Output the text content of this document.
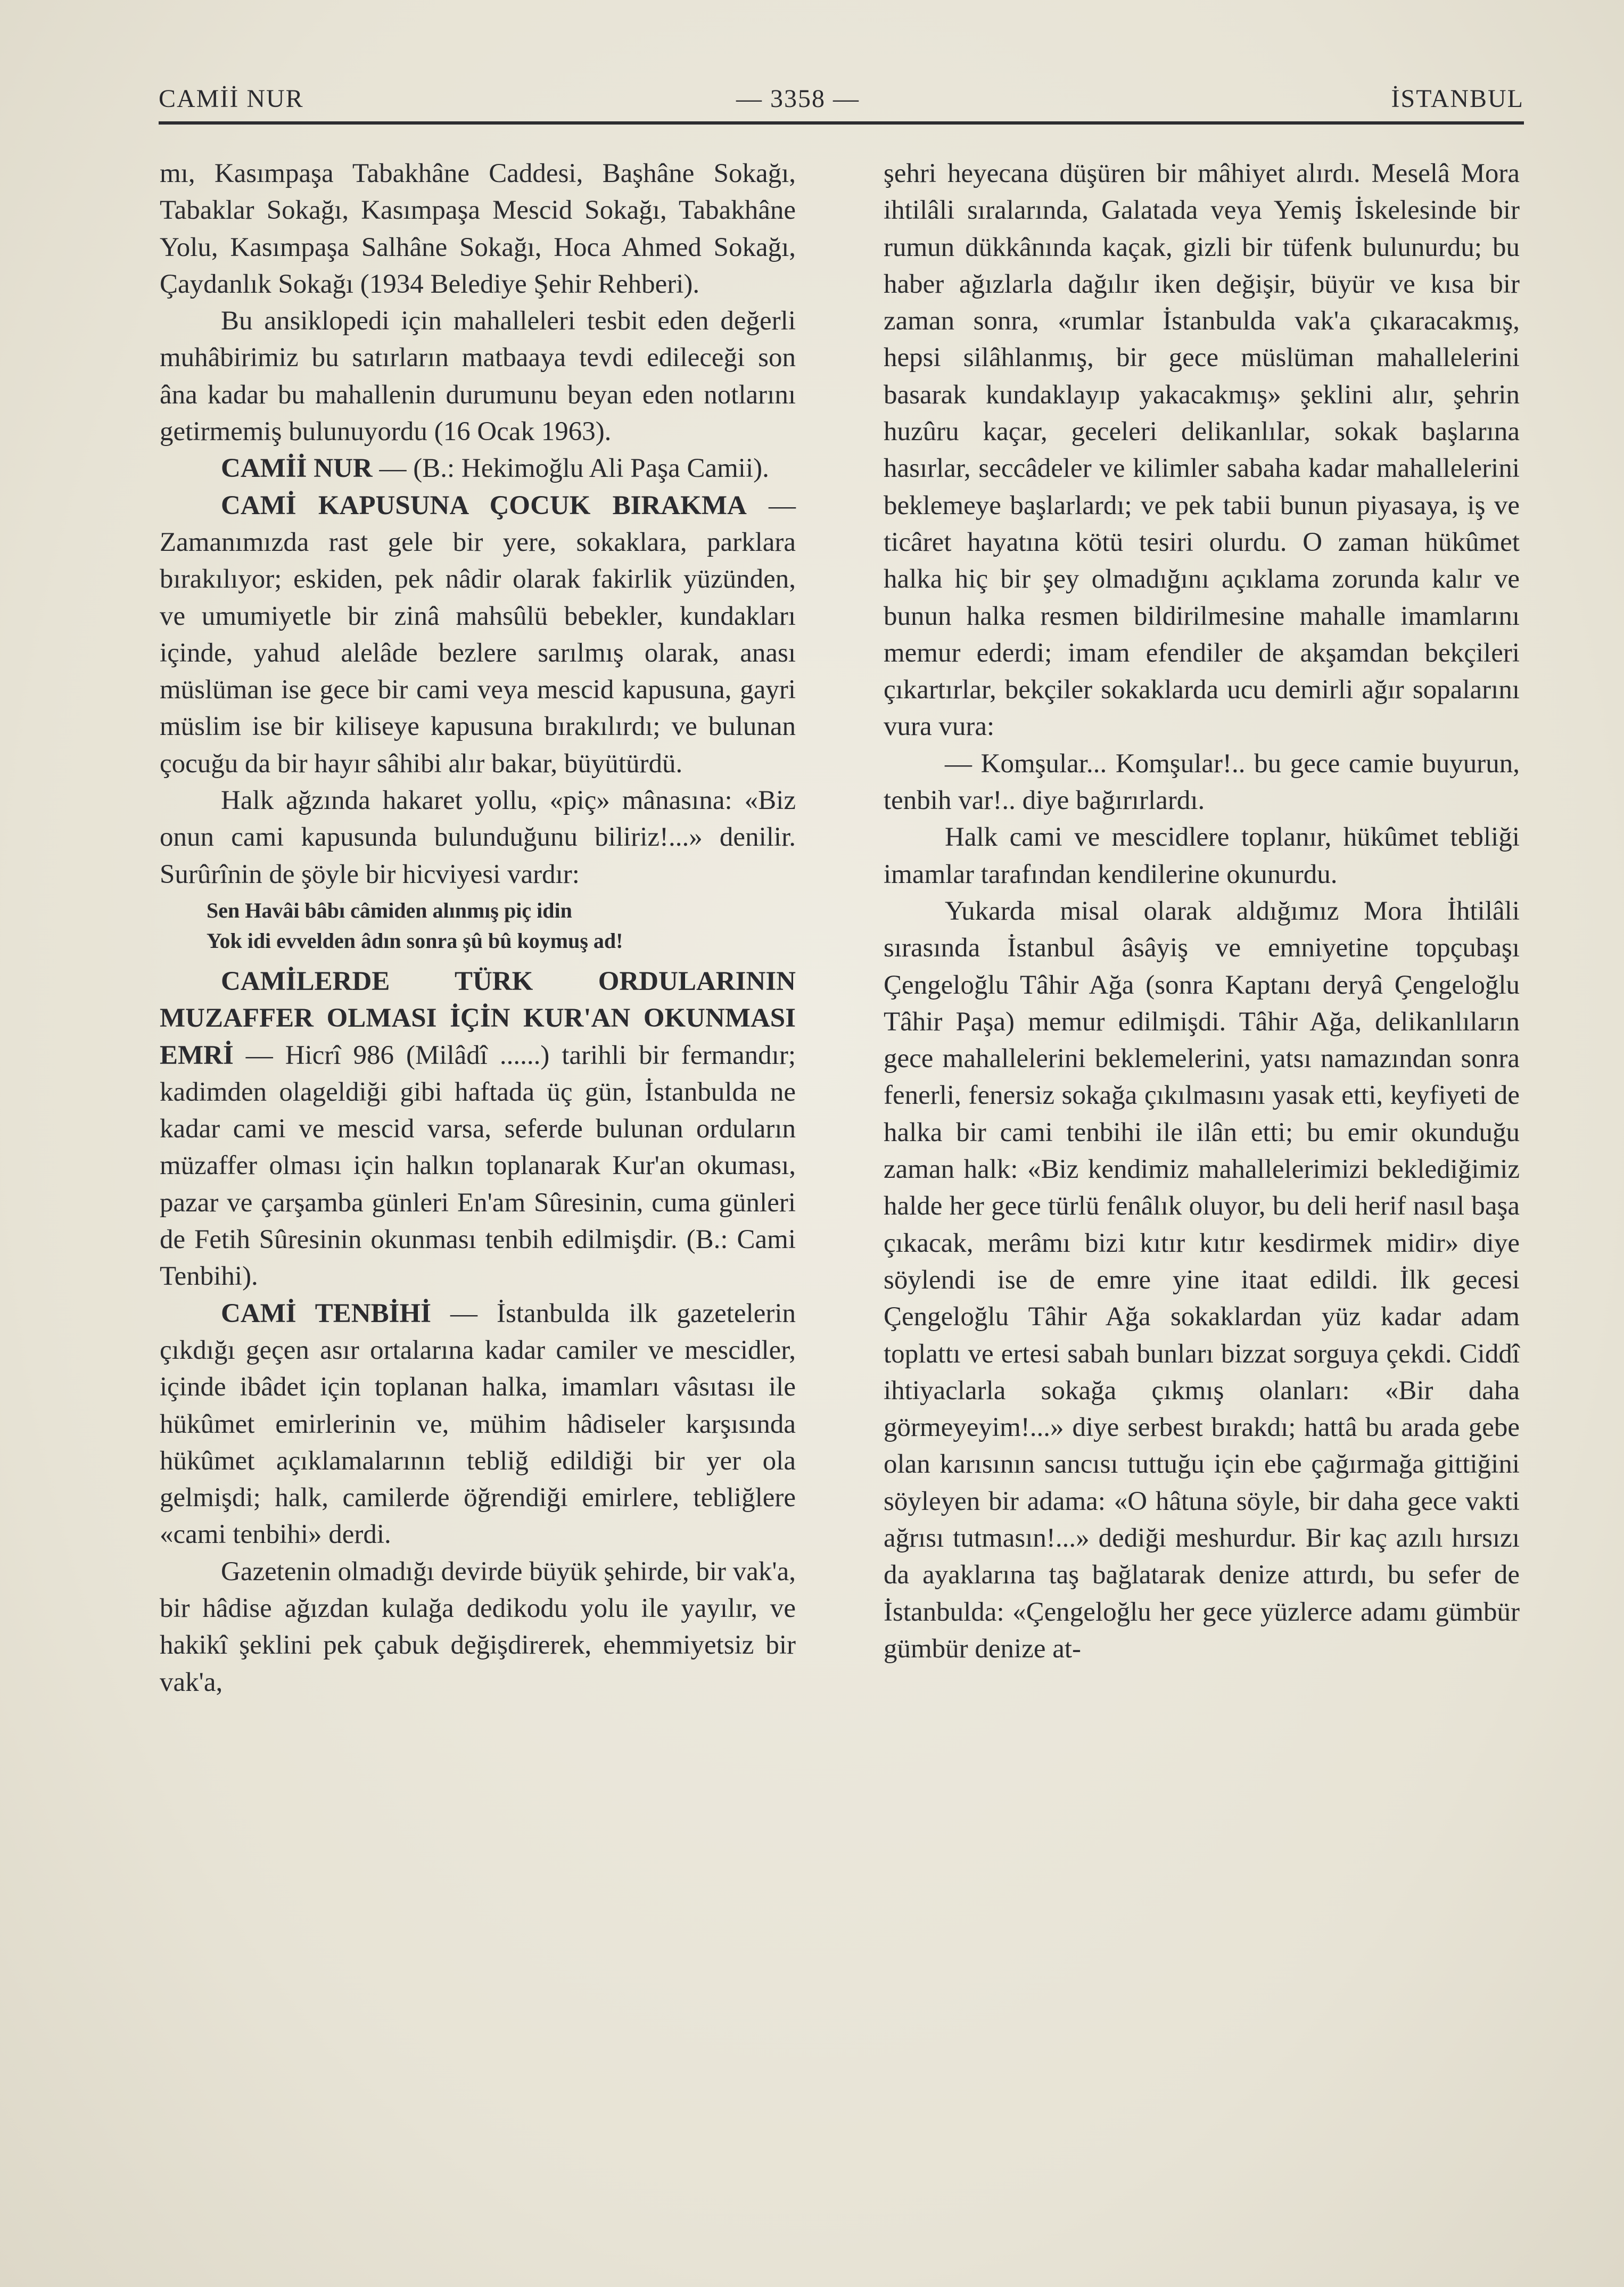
CAMİİ NUR	— 3358 —	İSTANBUL

mı, Kasımpaşa Tabakhâne Caddesi, Başhâne Sokağı, Tabaklar Sokağı, Kasımpaşa Mescid Sokağı, Tabakhâne Yolu, Kasımpaşa Salhâne Sokağı, Hoca Ahmed Sokağı, Çaydanlık Sokağı (1934 Belediye Şehir Rehberi).

Bu ansiklopedi için mahalleleri tesbit eden değerli muhâbirimiz bu satırların matbaaya tevdi edileceği son âna kadar bu mahallenin durumunu beyan eden notlarını getirmemiş bulunuyordu (16 Ocak 1963).

CAMİİ NUR — (B.: Hekimoğlu Ali Paşa Camii).

CAMİ KAPUSUNA ÇOCUK BIRAKMA — Zamanımızda rast gele bir yere, sokaklara, parklara bırakılıyor; eskiden, pek nâdir olarak fakirlik yüzünden, ve umumiyetle bir zinâ mahsûlü bebekler, kundakları içinde, yahud alelâde bezlere sarılmış olarak, anası müslüman ise gece bir cami veya mescid kapusuna, gayri müslim ise bir kiliseye kapusuna bırakılırdı; ve bulunan çocuğu da bir hayır sâhibi alır bakar, büyütürdü.

Halk ağzında hakaret yollu, «piç» mânasına: «Biz onun cami kapusunda bulunduğunu biliriz!...» denilir. Surûrînin de şöyle bir hicviyesi vardır:

Sen Havâi bâbı câmiden alınmış piç idin
Yok idi evvelden âdın sonra şû bû koymuş ad!

CAMİLERDE TÜRK ORDULARININ MUZAFFER OLMASI İÇİN KUR'AN OKUNMASI EMRİ — Hicrî 986 (Milâdî ......) tarihli bir fermandır; kadimden olageldiği gibi haftada üç gün, İstanbulda ne kadar cami ve mescid varsa, seferde bulunan orduların müzaffer olması için halkın toplanarak Kur'an okuması, pazar ve çarşamba günleri En'am Sûresinin, cuma günleri de Fetih Sûresinin okunması tenbih edilmişdir. (B.: Cami Tenbihi).

CAMİ TENBİHİ — İstanbulda ilk gazetelerin çıkdığı geçen asır ortalarına kadar camiler ve mescidler, içinde ibâdet için toplanan halka, imamları vâsıtası ile hükûmet emirlerinin ve, mühim hâdiseler karşısında hükûmet açıklamalarının tebliğ edildiği bir yer ola gelmişdi; halk, camilerde öğrendiği emirlere, tebliğlere «cami tenbihi» derdi.

Gazetenin olmadığı devirde büyük şehirde, bir vak'a, bir hâdise ağızdan kulağa dedikodu yolu ile yayılır, ve hakikî şeklini pek çabuk değişdirerek, ehemmiyetsiz bir vak'a,

şehri heyecana düşüren bir mâhiyet alırdı. Meselâ Mora ihtilâli sıralarında, Galatada veya Yemiş İskelesinde bir rumun dükkânında kaçak, gizli bir tüfenk bulunurdu; bu haber ağızlarla dağılır iken değişir, büyür ve kısa bir zaman sonra, «rumlar İstanbulda vak'a çıkaracakmış, hepsi silâhlanmış, bir gece müslüman mahallelerini basarak kundaklayıp yakacakmış» şeklini alır, şehrin huzûru kaçar, geceleri delikanlılar, sokak başlarına hasırlar, seccâdeler ve kilimler sabaha kadar mahallelerini beklemeye başlarlardı; ve pek tabii bunun piyasaya, iş ve ticâret hayatına kötü tesiri olurdu. O zaman hükûmet halka hiç bir şey olmadığını açıklama zorunda kalır ve bunun halka resmen bildirilmesine mahalle imamlarını memur ederdi; imam efendiler de akşamdan bekçileri çıkartırlar, bekçiler sokaklarda ucu demirli ağır sopalarını vura vura:

— Komşular... Komşular!.. bu gece camie buyurun, tenbih var!.. diye bağırırlardı.

Halk cami ve mescidlere toplanır, hükûmet tebliği imamlar tarafından kendilerine okunurdu.

Yukarda misal olarak aldığımız Mora İhtilâli sırasında İstanbul âsâyiş ve emniyetine topçubaşı Çengeloğlu Tâhir Ağa (sonra Kaptanı deryâ Çengeloğlu Tâhir Paşa) memur edilmişdi. Tâhir Ağa, delikanlıların gece mahallelerini beklemelerini, yatsı namazından sonra fenerli, fenersiz sokağa çıkılmasını yasak etti, keyfiyeti de halka bir cami tenbihi ile ilân etti; bu emir okunduğu zaman halk: «Biz kendimiz mahallelerimizi beklediğimiz halde her gece türlü fenâlık oluyor, bu deli herif nasıl başa çıkacak, merâmı bizi kıtır kıtır kesdirmek midir» diye söylendi ise de emre yine itaat edildi. İlk gecesi Çengeloğlu Tâhir Ağa sokaklardan yüz kadar adam toplattı ve ertesi sabah bunları bizzat sorguya çekdi. Ciddî ihtiyaclarla sokağa çıkmış olanları: «Bir daha görmeyeyim!...» diye serbest bırakdı; hattâ bu arada gebe olan karısının sancısı tuttuğu için ebe çağırmağa gittiğini söyleyen bir adama: «O hâtuna söyle, bir daha gece vakti ağrısı tutmasın!...» dediği meshurdur. Bir kaç azılı hırsızı da ayaklarına taş bağlatarak denize attırdı, bu sefer de İstanbulda: «Çengeloğlu her gece yüzlerce adamı gümbür gümbür denize at-
